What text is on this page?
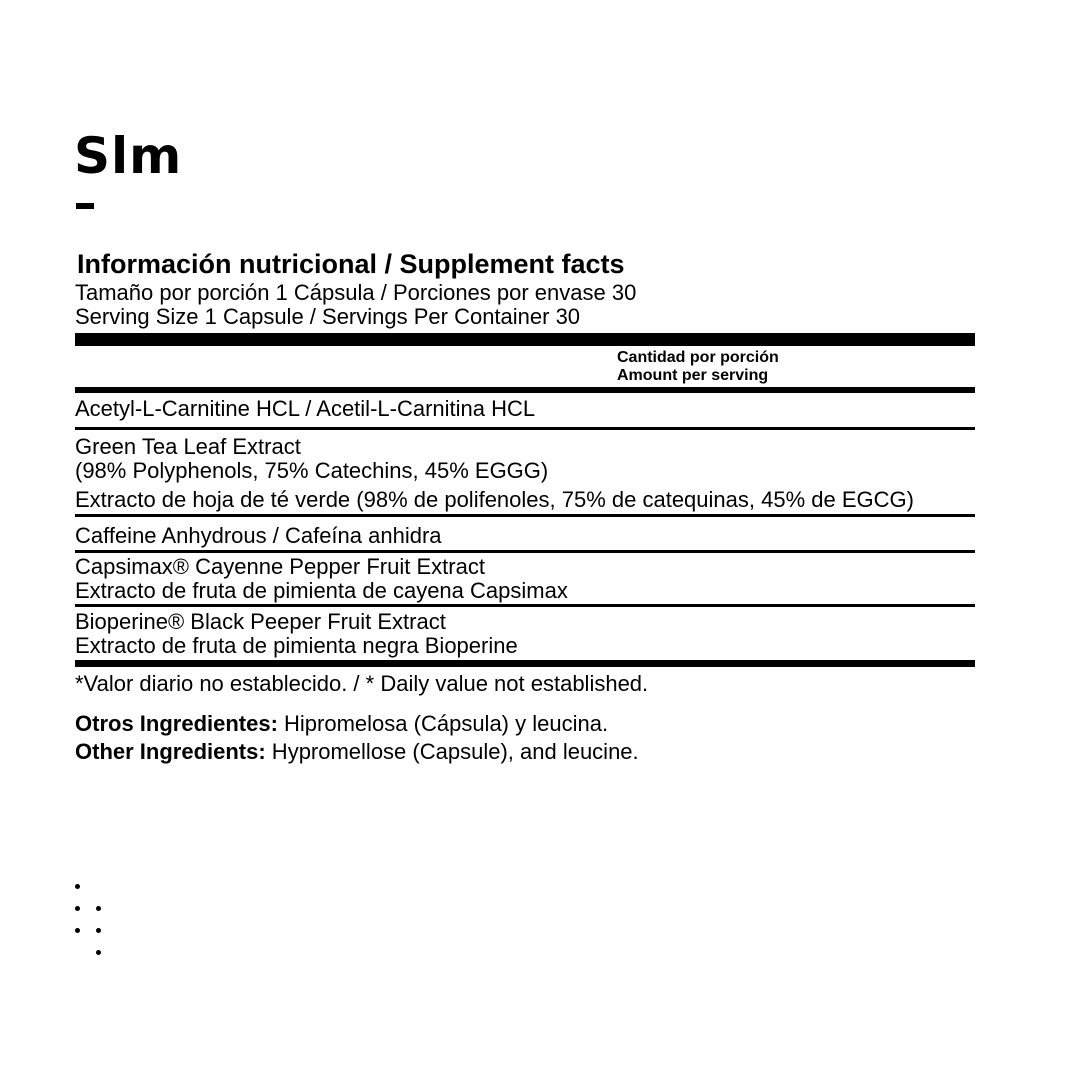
Slm
Información nutricional / Supplement facts
Tamaño por porción 1 Cápsula / Porciones por envase 30
Serving Size 1 Capsule / Servings Per Container 30
Cantidad por porción
Amount per serving
Acetyl-L-Carnitine HCL / Acetil-L-Carnitina HCL
Green Tea Leaf Extract
(98% Polyphenols, 75% Catechins, 45% EGGG)
Extracto de hoja de té verde (98% de polifenoles, 75% de catequinas, 45% de EGCG)
Caffeine Anhydrous / Cafeína anhidra
Capsimax® Cayenne Pepper Fruit Extract
Extracto de fruta de pimienta de cayena Capsimax
Bioperine® Black Peeper Fruit Extract
Extracto de fruta de pimienta negra Bioperine
*Valor diario no establecido. / * Daily value not established.
Otros Ingredientes: Hipromelosa (Cápsula) y leucina.
Other Ingredients: Hypromellose (Capsule), and leucine.
